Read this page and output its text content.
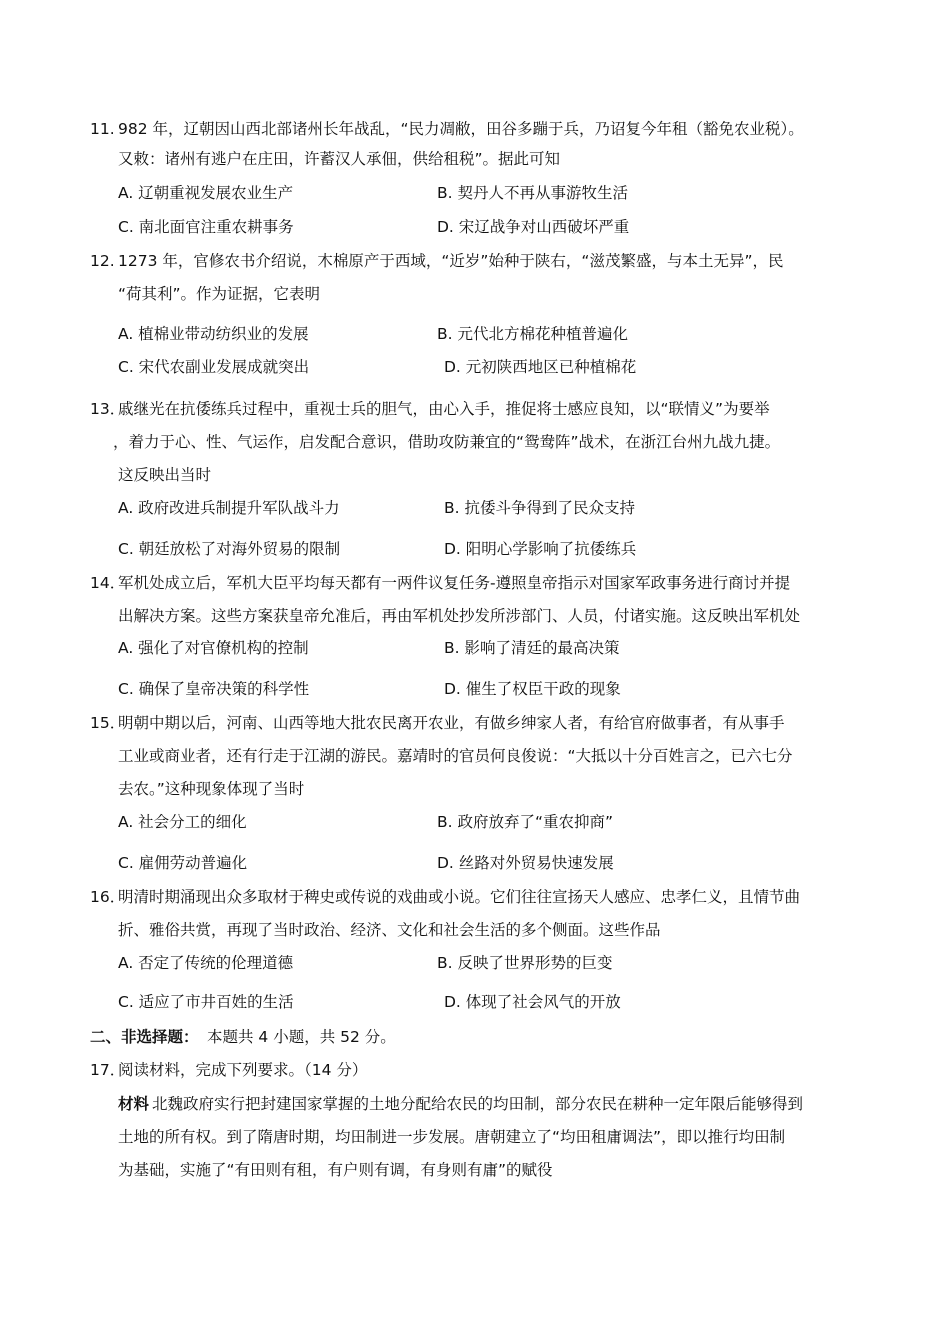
11. 982 年，辽朝因山西北部诸州长年战乱，“民力凋敝，田谷多蹦于兵，乃诏复今年租（豁免农业税）。
又敕：诸州有逃户在庄田，许蓄汉人承佃，供给租税”。据此可知
A. 辽朝重视发展农业生产	B. 契丹人不再从事游牧生活
C. 南北面官注重农耕事务	D. 宋辽战争对山西破坏严重
12. 1273 年，官修农书介绍说，木棉原产于西域，“近岁”始种于陕右，“滋茂繁盛，与本土无异”，民
“荷其利”。作为证据，它表明
A. 植棉业带动纺织业的发展	B. 元代北方棉花种植普遍化
C. 宋代农副业发展成就突出	D. 元初陕西地区已种植棉花
13．
戚继光在抗倭练兵过程中，重视士兵的胆气，由心入手，推促将士感应良知，以“联情义”为要举
，着力于心、性、气运作，启发配合意识，借助攻防兼宜的“鸳鸯阵”战术，在浙江台州九战九捷。
这反映出当时
A. 政府改进兵制提升军队战斗力	B. 抗倭斗争得到了民众支持
C. 朝廷放松了对海外贸易的限制	D. 阳明心学影响了抗倭练兵
14．
军机处成立后，军机大臣平均每天都有一两件议复任务-遵照皇帝指示对国家军政事务进行商讨并提
出解决方案。这些方案获皇帝允准后，再由军机处抄发所涉部门、人员，付诸实施。这反映出军机处
A. 强化了对官僚机构的控制	B. 影响了清廷的最高决策
C. 确保了皇帝决策的科学性	D. 催生了权臣干政的现象
15．
明朝中期以后，河南、山西等地大批农民离开农业，有做乡绅家人者，有给官府做事者，有从事手
工业或商业者，还有行走于江湖的游民。嘉靖时的官员何良俊说：“大抵以十分百姓言之，已六七分
去农。”这种现象体现了当时
A. 社会分工的细化	B. 政府放弃了“重农抑商”
C. 雇佣劳动普遍化	D. 丝路对外贸易快速发展
16．
明清时期涌现出众多取材于稗史或传说的戏曲或小说。它们往往宣扬天人感应、忠孝仁义，且情节曲
折、雅俗共赏，再现了当时政治、经济、文化和社会生活的多个侧面。这些作品
A. 否定了传统的伦理道德	B. 反映了世界形势的巨变
C. 适应了市井百姓的生活	D. 体现了社会风气的开放
二、非选择题： 本题共 4 小题，共 52 分。
17．
阅读材料，完成下列要求。（14 分）
材料 北魏政府实行把封建国家掌握的土地分配给农民的均田制，部分农民在耕种一定年限后能够得到
土地的所有权。到了隋唐时期，均田制进一步发展。唐朝建立了“均田租庸调法”，即以推行均田制
为基础，实施了“有田则有租，有户则有调，有身则有庸”的赋役
